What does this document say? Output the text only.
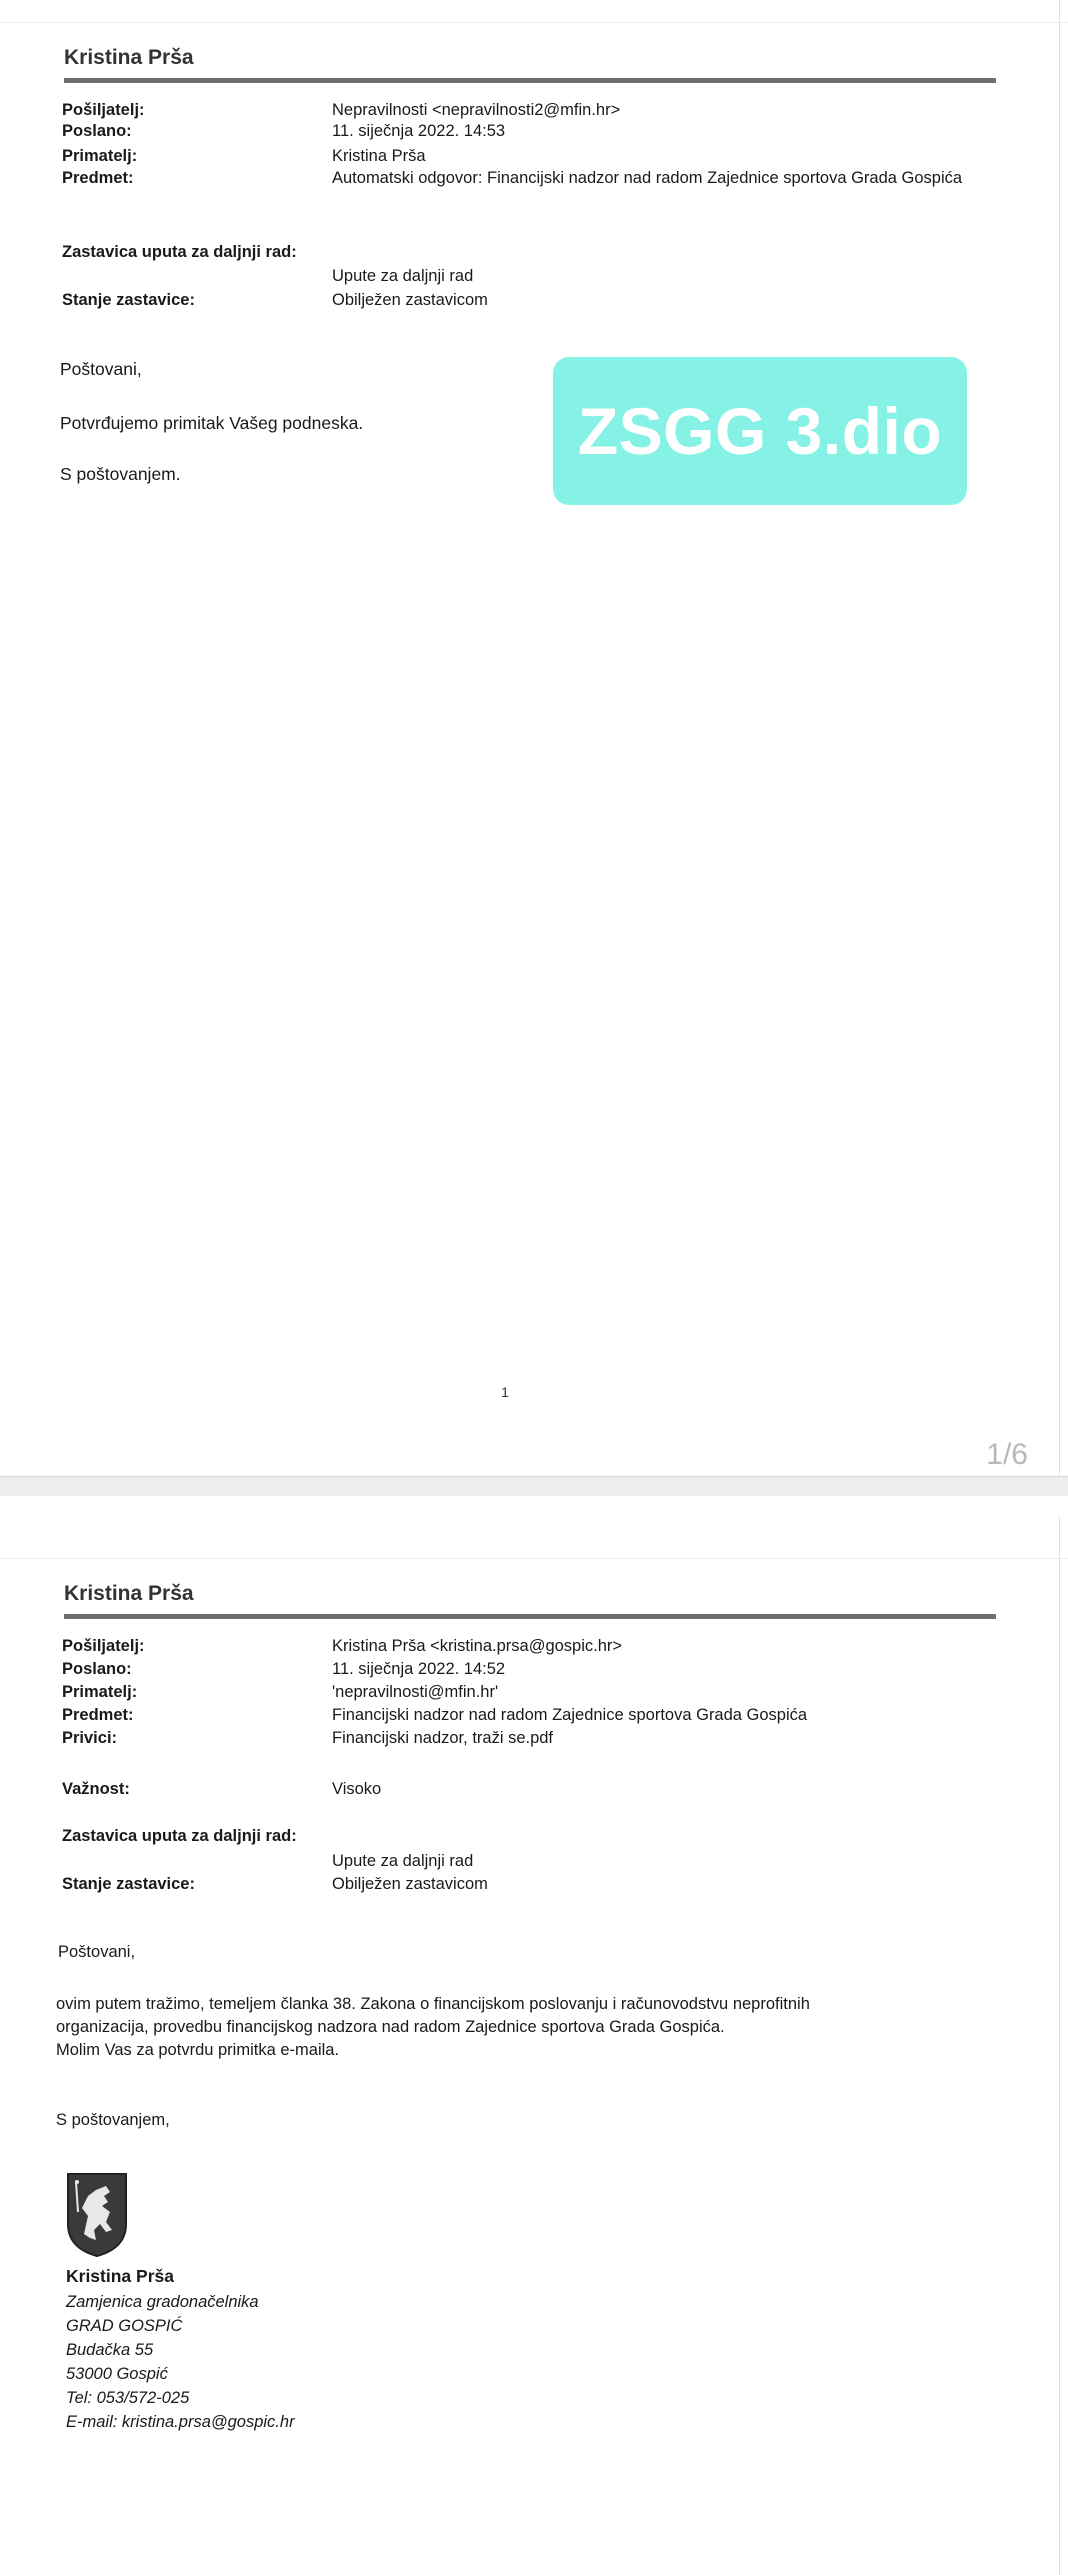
Kristina Prša
Pošiljatelj:	Nepravilnosti <nepravilnosti2@mfin.hr>
Poslano:	11. siječnja 2022. 14:53
Primatelj:	Kristina Prša
Predmet:	Automatski odgovor: Financijski nadzor nad radom Zajednice sportova Grada Gospića
Zastavica uputa za daljnji rad:
Upute za daljnji rad
Stanje zastavice:	Obilježen zastavicom
Poštovani,
Potvrđujemo primitak Vašeg podneska.
S poštovanjem.
ZSGG 3.dio
1
1/6
Kristina Prša
Pošiljatelj:	Kristina Prša <kristina.prsa@gospic.hr>
Poslano:	11. siječnja 2022. 14:52
Primatelj:	'nepravilnosti@mfin.hr'
Predmet:	Financijski nadzor nad radom Zajednice sportova Grada Gospića
Privici:	Financijski nadzor, traži se.pdf
Važnost:	Visoko
Zastavica uputa za daljnji rad:
Upute za daljnji rad
Stanje zastavice:	Obilježen zastavicom
Poštovani,
ovim putem tražimo, temeljem članka 38. Zakona o financijskom poslovanju i računovodstvu neprofitnih
organizacija, provedbu financijskog nadzora nad radom Zajednice sportova Grada Gospića.
Molim Vas za potvrdu primitka e-maila.
S poštovanjem,
Kristina Prša
Zamjenica gradonačelnika
GRAD GOSPIĆ
Budačka 55
53000 Gospić
Tel: 053/572-025
E-mail: kristina.prsa@gospic.hr
